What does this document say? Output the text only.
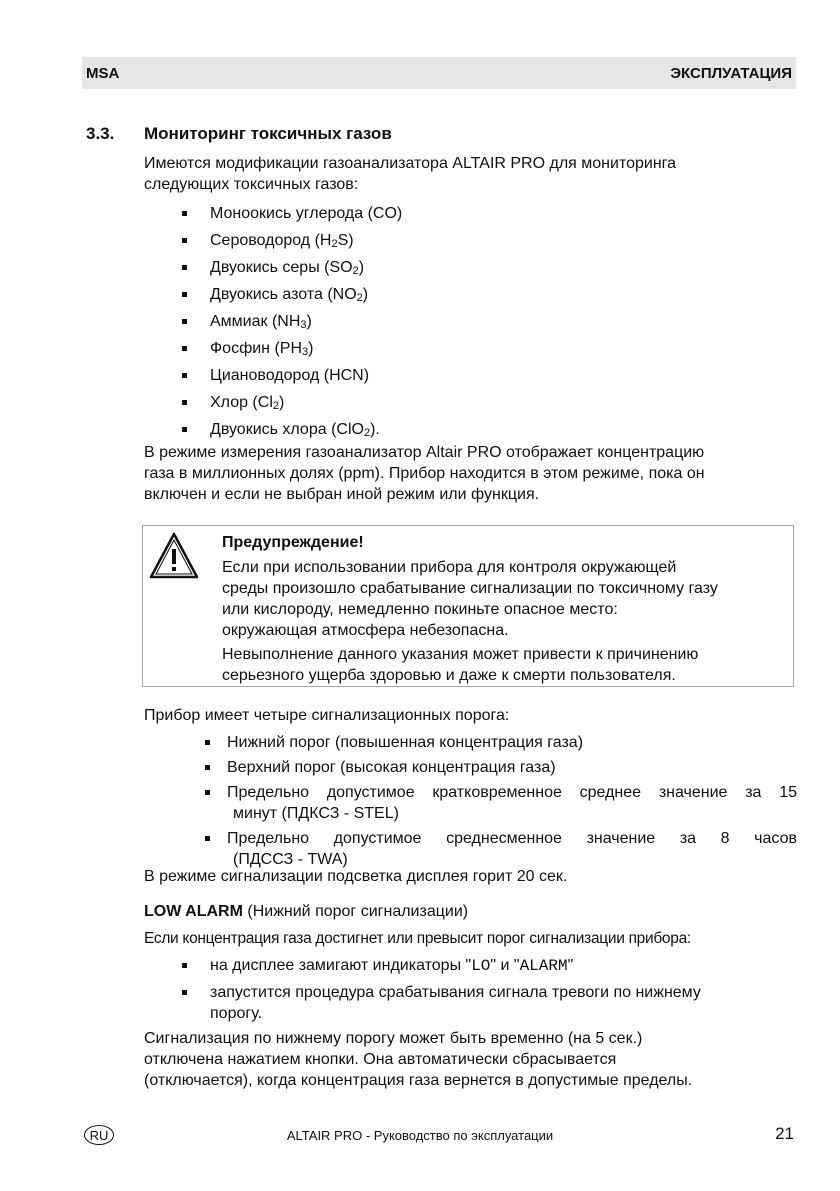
MSA	ЭКСПЛУАТАЦИЯ
3.3. Мониторинг токсичных газов

Имеются модификации газоанализатора ALTAIR PRO для мониторинга
следующих токсичных газов:

Моноокись углерода (CO)
Сероводород $(H_2S)$
Двуокись серы $(SO_2)$
Двуокись азота $(NO_2)$
Аммиак $(NH_3)$
Фосфин $(PH_3)$
Циановодород (HCN)
Хлор $(Cl_2)$
Двуокись хлора (ClO$_2$).

В режиме измерения газоанализатор Altair PRO отображает концентрацию
газа в миллионных долях (ppm). Прибор находится в этом режиме, пока он
включен и если не выбран иной режим или функция.

Предупреждение!

Если при использовании прибора для контроля окружающей
среды произошло срабатывание сигнализации по токсичному газу
или кислороду, немедленно покиньте опасное место:
окружающая атмосфера небезопасна.

Невыполнение данного указания может привести к причинению
серьезного ущерба здоровью и даже к смерти пользователя.

Прибор имеет четыре сигнализационных порога:

Нижний порог (повышенная концентрация газа)
Верхний порог (высокая концентрация газа)
Предельно допустимое кратковременное среднее значение за 15
минут (ПДКСЗ - STEL)
Предельно допустимое среднесменное значение за 8 часов
(ПДССЗ - TWA)

В режиме сигнализации подсветка дисплея горит 20 сек.

LOW ALARM (Нижний порог сигнализации)

Если концентрация газа достигнет или превысит порог сигнализации прибора:

на дисплее замигают индикаторы "LO" и "ALARM"
запустится процедура срабатывания сигнала тревоги по нижнему
порогу.

Сигнализация по нижнему порогу может быть временно (на 5 сек.)
отключена нажатием кнопки. Она автоматически сбрасывается
(отключается), когда концентрация газа вернется в допустимые пределы.

RU	ALTAIR PRO - Руководство по эксплуатации	21
